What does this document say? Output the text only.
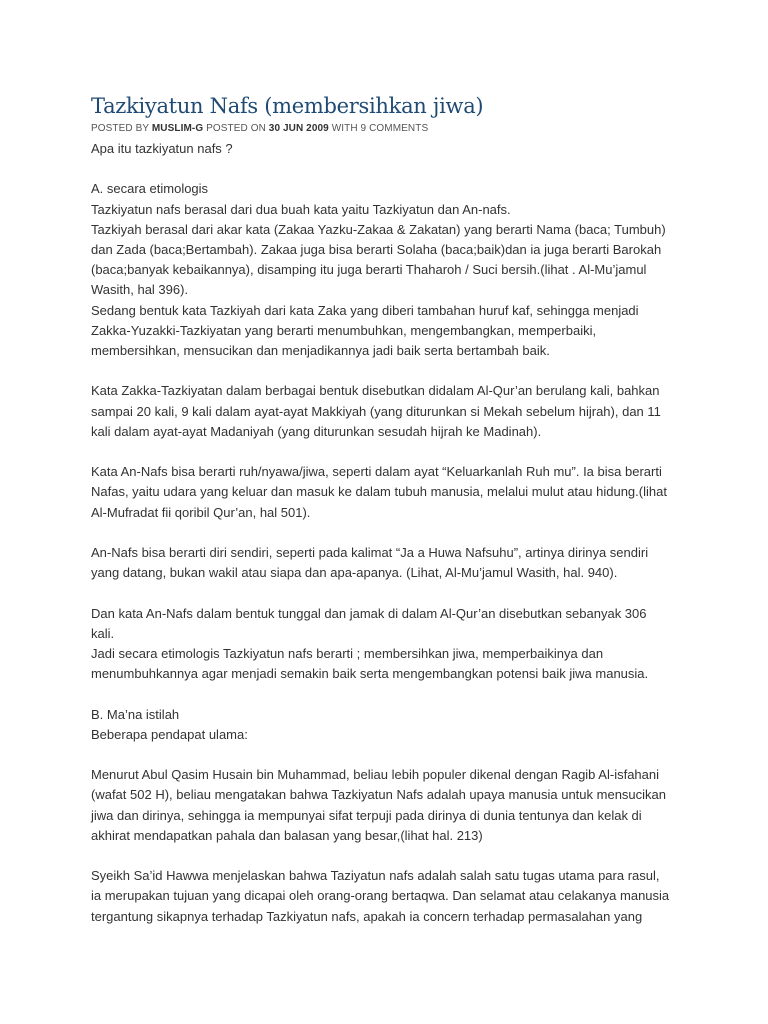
Tazkiyatun Nafs (membersihkan jiwa)
POSTED BY MUSLIM-G POSTED ON 30 JUN 2009 WITH 9 COMMENTS

Apa itu tazkiyatun nafs ?

A. secara etimologis
Tazkiyatun nafs berasal dari dua buah kata yaitu Tazkiyatun dan An-nafs.
Tazkiyah berasal dari akar kata (Zakaa Yazku-Zakaa & Zakatan) yang berarti Nama (baca; Tumbuh)
dan Zada (baca;Bertambah). Zakaa juga bisa berarti Solaha (baca;baik)dan ia juga berarti Barokah
(baca;banyak kebaikannya), disamping itu juga berarti Thaharoh / Suci bersih.(lihat . Al-Mu’jamul
Wasith, hal 396).
Sedang bentuk kata Tazkiyah dari kata Zaka yang diberi tambahan huruf kaf, sehingga menjadi
Zakka-Yuzakki-Tazkiyatan yang berarti menumbuhkan, mengembangkan, memperbaiki,
membersihkan, mensucikan dan menjadikannya jadi baik serta bertambah baik.

Kata Zakka-Tazkiyatan dalam berbagai bentuk disebutkan didalam Al-Qur’an berulang kali, bahkan
sampai 20 kali, 9 kali dalam ayat-ayat Makkiyah (yang diturunkan si Mekah sebelum hijrah), dan 11
kali dalam ayat-ayat Madaniyah (yang diturunkan sesudah hijrah ke Madinah).

Kata An-Nafs bisa berarti ruh/nyawa/jiwa, seperti dalam ayat “Keluarkanlah Ruh mu”. Ia bisa berarti
Nafas, yaitu udara yang keluar dan masuk ke dalam tubuh manusia, melalui mulut atau hidung.(lihat
Al-Mufradat fii qoribil Qur’an, hal 501).

An-Nafs bisa berarti diri sendiri, seperti pada kalimat “Ja a Huwa Nafsuhu”, artinya dirinya sendiri
yang datang, bukan wakil atau siapa dan apa-apanya. (Lihat, Al-Mu’jamul Wasith, hal. 940).

Dan kata An-Nafs dalam bentuk tunggal dan jamak di dalam Al-Qur’an disebutkan sebanyak 306
kali.
Jadi secara etimologis Tazkiyatun nafs berarti ; membersihkan jiwa, memperbaikinya dan
menumbuhkannya agar menjadi semakin baik serta mengembangkan potensi baik jiwa manusia.

B. Ma’na istilah
Beberapa pendapat ulama:

Menurut Abul Qasim Husain bin Muhammad, beliau lebih populer dikenal dengan Ragib Al-isfahani
(wafat 502 H), beliau mengatakan bahwa Tazkiyatun Nafs adalah upaya manusia untuk mensucikan
jiwa dan dirinya, sehingga ia mempunyai sifat terpuji pada dirinya di dunia tentunya dan kelak di
akhirat mendapatkan pahala dan balasan yang besar,(lihat hal. 213)

Syeikh Sa’id Hawwa menjelaskan bahwa Taziyatun nafs adalah salah satu tugas utama para rasul,
ia merupakan tujuan yang dicapai oleh orang-orang bertaqwa. Dan selamat atau celakanya manusia
tergantung sikapnya terhadap Tazkiyatun nafs, apakah ia concern terhadap permasalahan yang
